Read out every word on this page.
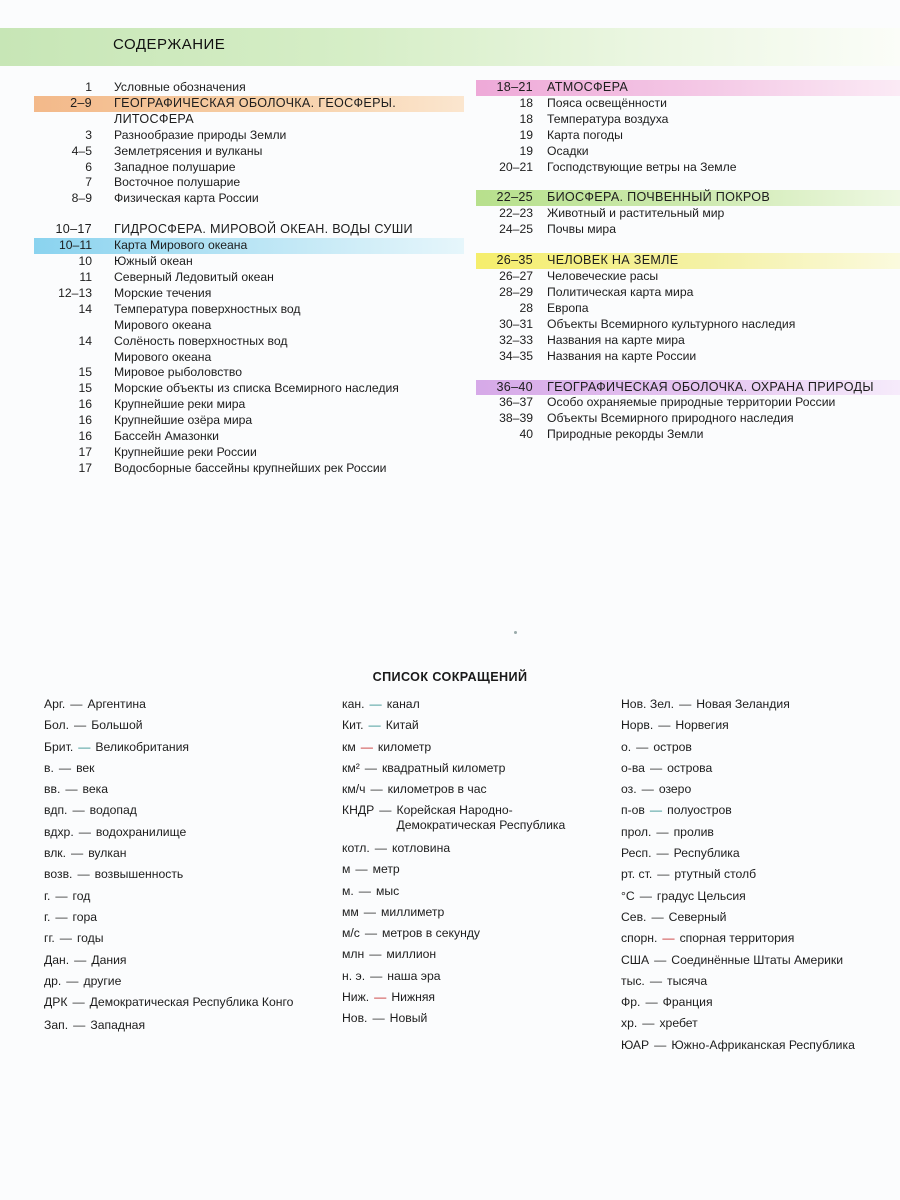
СОДЕРЖАНИЕ
1 Условные обозначения
2–9 ГЕОГРАФИЧЕСКАЯ ОБОЛОЧКА. ГЕОСФЕРЫ.
ЛИТОСФЕРА
3 Разнообразие природы Земли
4–5 Землетрясения и вулканы
6 Западное полушарие
7 Восточное полушарие
8–9 Физическая карта России
10–17 ГИДРОСФЕРА. МИРОВОЙ ОКЕАН. ВОДЫ СУШИ
10–11 Карта Мирового океана
10 Южный океан
11 Северный Ледовитый океан
12–13 Морские течения
14 Температура поверхностных вод
Мирового океана
14 Солёность поверхностных вод
Мирового океана
15 Мировое рыболовство
15 Морские объекты из списка Всемирного наследия
16 Крупнейшие реки мира
16 Крупнейшие озёра мира
16 Бассейн Амазонки
17 Крупнейшие реки России
17 Водосборные бассейны крупнейших рек России
18–21 АТМОСФЕРА
18 Пояса освещённости
18 Температура воздуха
19 Карта погоды
19 Осадки
20–21 Господствующие ветры на Земле
22–25 БИОСФЕРА. ПОЧВЕННЫЙ ПОКРОВ
22–23 Животный и растительный мир
24–25 Почвы мира
26–35 ЧЕЛОВЕК НА ЗЕМЛЕ
26–27 Человеческие расы
28–29 Политическая карта мира
28 Европа
30–31 Объекты Всемирного культурного наследия
32–33 Названия на карте мира
34–35 Названия на карте России
36–40 ГЕОГРАФИЧЕСКАЯ ОБОЛОЧКА. ОХРАНА ПРИРОДЫ
36–37 Особо охраняемые природные территории России
38–39 Объекты Всемирного природного наследия
40 Природные рекорды Земли
СПИСОК СОКРАЩЕНИЙ
Арг. — Аргентина
Бол. — Большой
Брит. — Великобритания
в. — век
вв. — века
вдп. — водопад
вдхр. — водохранилище
влк. — вулкан
возв. — возвышенность
г. — год
г. — гора
гг. — годы
Дан. — Дания
др. — другие
ДРК — Демократическая Республика Конго
Зап. — Западная
кан. — канал
Кит. — Китай
км — километр
км² — квадратный километр
км/ч — километров в час
КНДР — Корейская Народно-Демократическая Республика
котл. — котловина
м — метр
м. — мыс
мм — миллиметр
м/с — метров в секунду
млн — миллион
н. э. — наша эра
Ниж. — Нижняя
Нов. — Новый
Нов. Зел. — Новая Зеландия
Норв. — Норвегия
о. — остров
о-ва — острова
оз. — озеро
п-ов — полуостров
прол. — пролив
Респ. — Республика
рт. ст. — ртутный столб
°С — градус Цельсия
Сев. — Северный
спорн. — спорная территория
США — Соединённые Штаты Америки
тыс. — тысяча
Фр. — Франция
хр. — хребет
ЮАР — Южно-Африканская Республика
